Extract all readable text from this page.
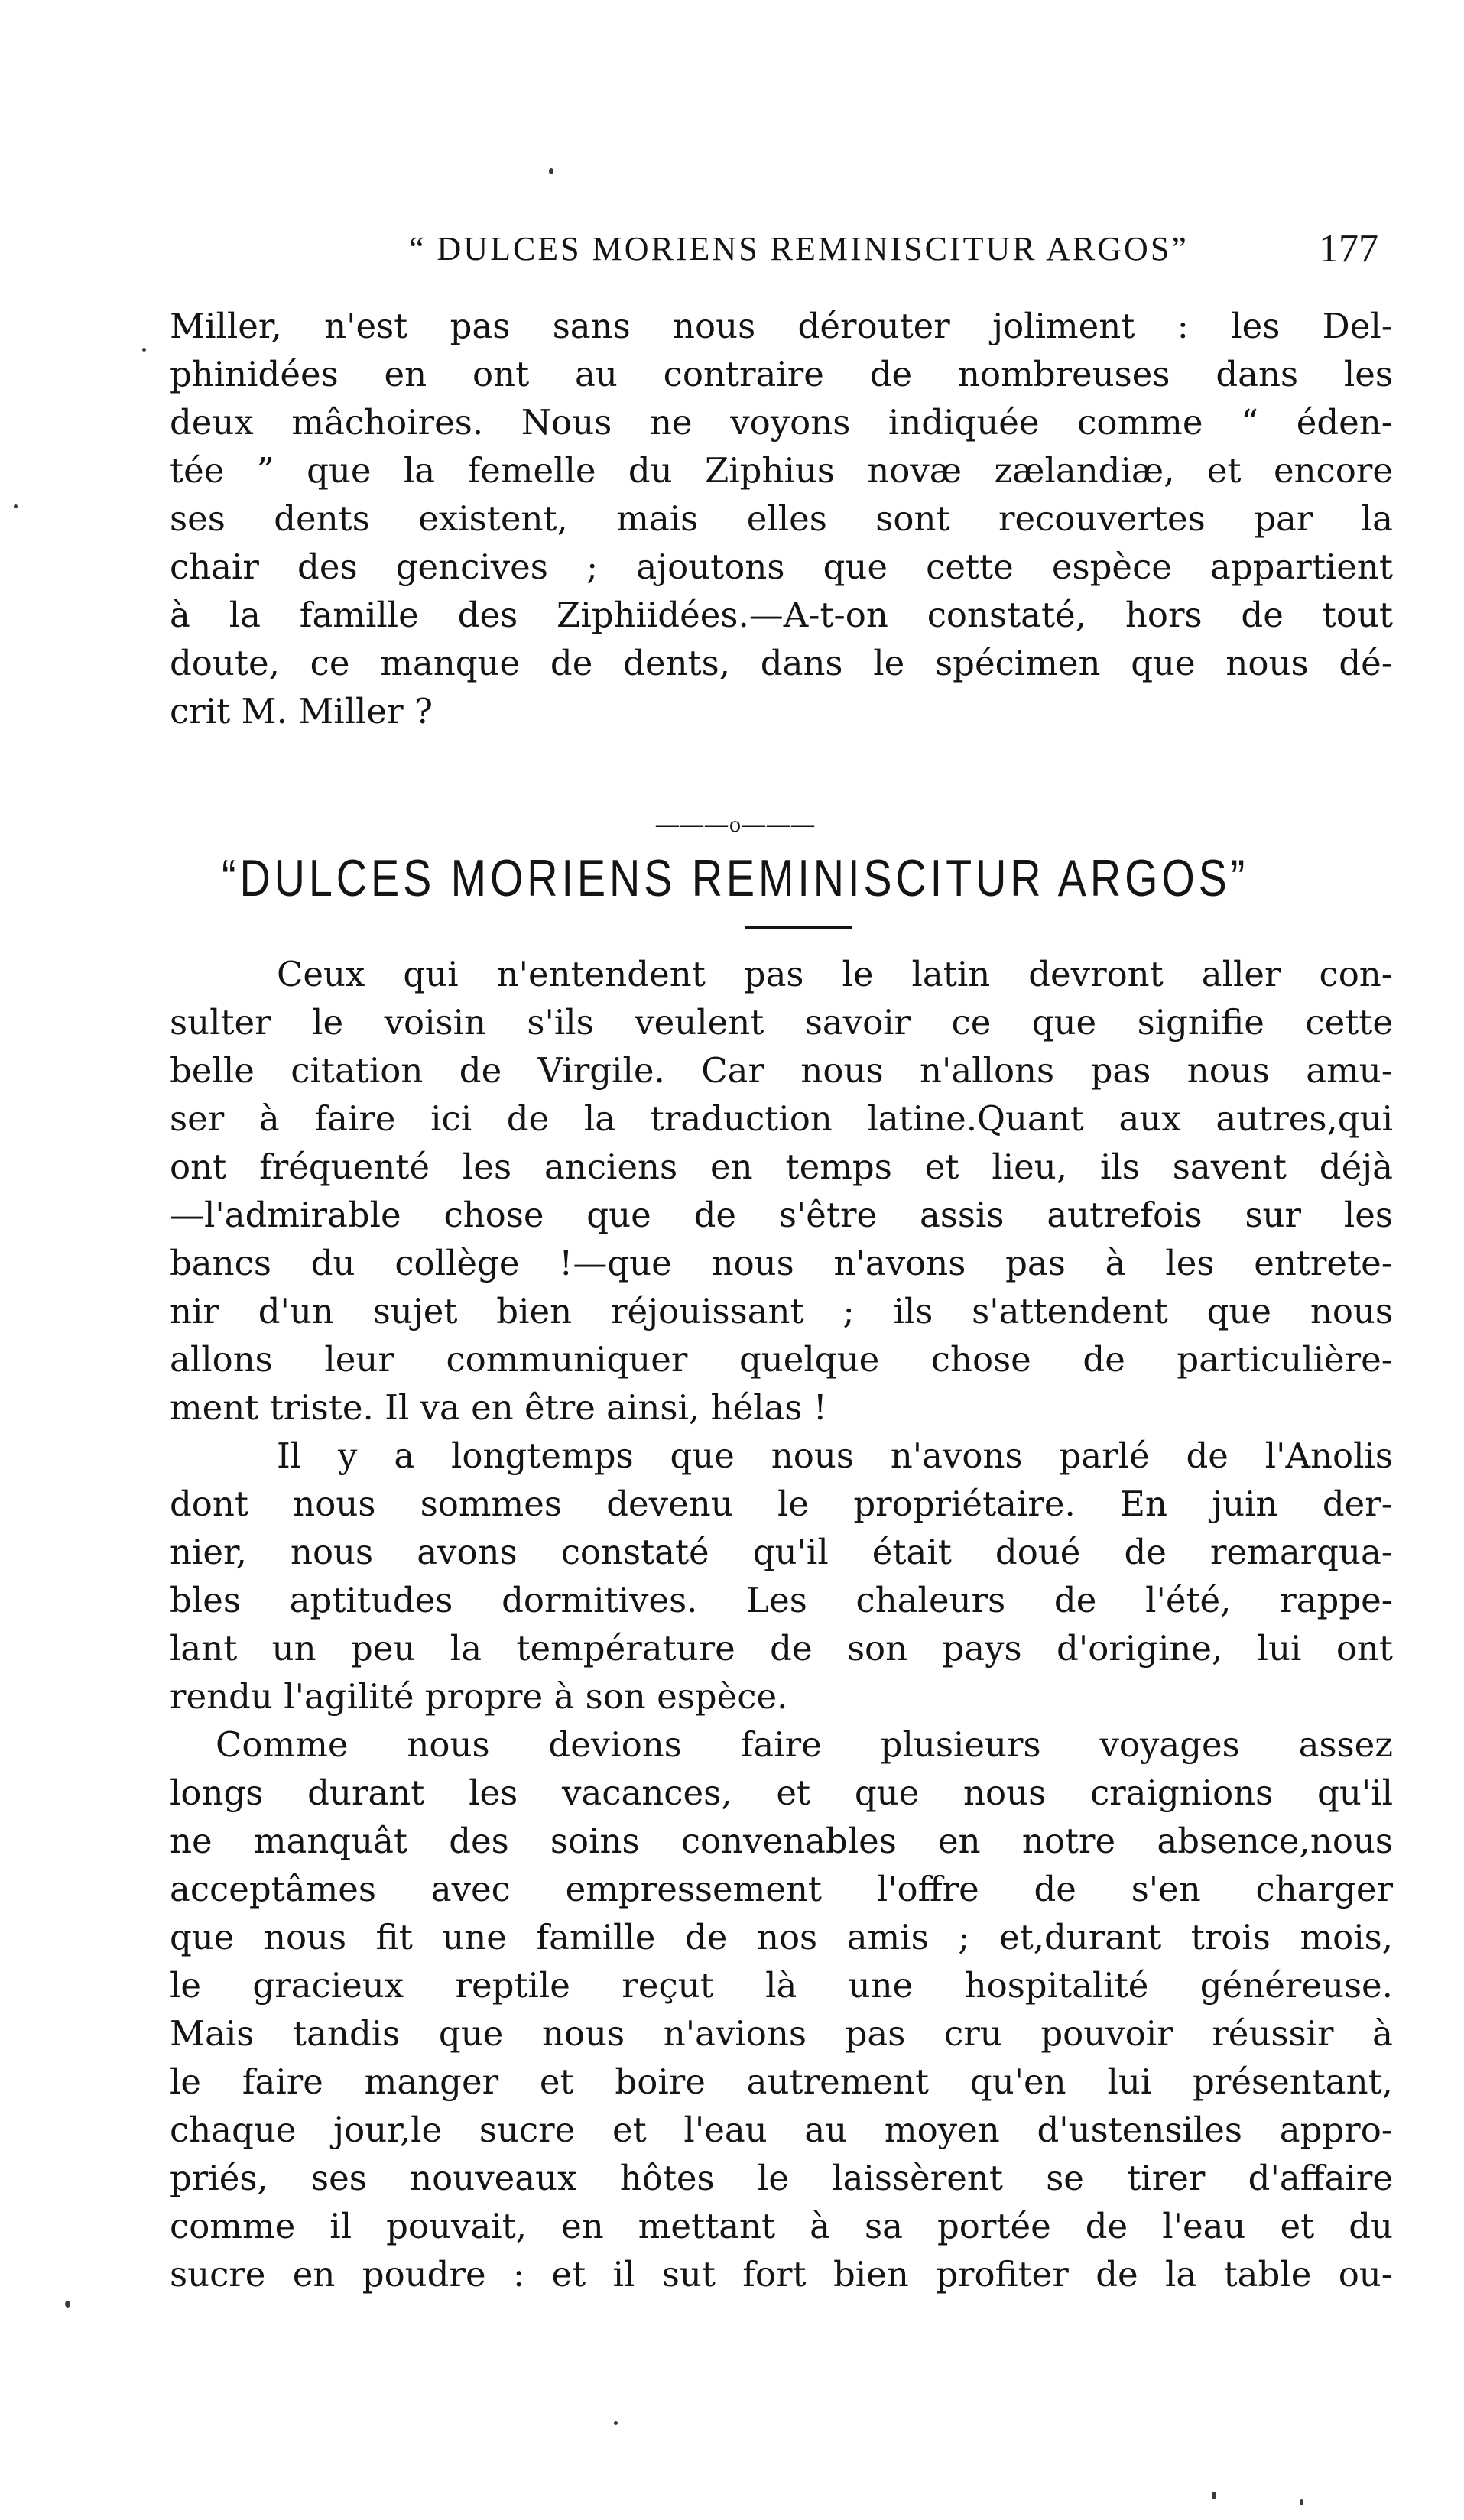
“ DULCES MORIENS REMINISCITUR ARGOS”	177
Miller, n'est pas sans nous dérouter joliment : les Del-
phinidées en ont au contraire de nombreuses dans les
deux mâchoires. Nous ne voyons indiquée comme “ éden-
tée ” que la femelle du Ziphius novæ zælandiæ, et encore
ses dents existent, mais elles sont recouvertes par la
chair des gencives ; ajoutons que cette espèce appartient
à la famille des Ziphiidées.—A-t-on constaté, hors de tout
doute, ce manque de dents, dans le spécimen que nous dé-
crit M. Miller ?
———o———
“DULCES MORIENS REMINISCITUR ARGOS”
Ceux qui n'entendent pas le latin devront aller con-
sulter le voisin s'ils veulent savoir ce que signifie cette
belle citation de Virgile. Car nous n'allons pas nous amu-
ser à faire ici de la traduction latine.Quant aux autres,qui
ont fréquenté les anciens en temps et lieu, ils savent déjà
—l'admirable chose que de s'être assis autrefois sur les
bancs du collège !—que nous n'avons pas à les entrete-
nir d'un sujet bien réjouissant ; ils s'attendent que nous
allons leur communiquer quelque chose de particulière-
ment triste. Il va en être ainsi, hélas !
Il y a longtemps que nous n'avons parlé de l'Anolis
dont nous sommes devenu le propriétaire. En juin der-
nier, nous avons constaté qu'il était doué de remarqua-
bles aptitudes dormitives. Les chaleurs de l'été, rappe-
lant un peu la température de son pays d'origine, lui ont
rendu l'agilité propre à son espèce.
Comme nous devions faire plusieurs voyages assez
longs durant les vacances, et que nous craignions qu'il
ne manquât des soins convenables en notre absence,nous
acceptâmes avec empressement l'offre de s'en charger
que nous fit une famille de nos amis ; et,durant trois mois,
le gracieux reptile reçut là une hospitalité généreuse.
Mais tandis que nous n'avions pas cru pouvoir réussir à
le faire manger et boire autrement qu'en lui présentant,
chaque jour,le sucre et l'eau au moyen d'ustensiles appro-
priés, ses nouveaux hôtes le laissèrent se tirer d'affaire
comme il pouvait, en mettant à sa portée de l'eau et du
sucre en poudre : et il sut fort bien profiter de la table ou-
